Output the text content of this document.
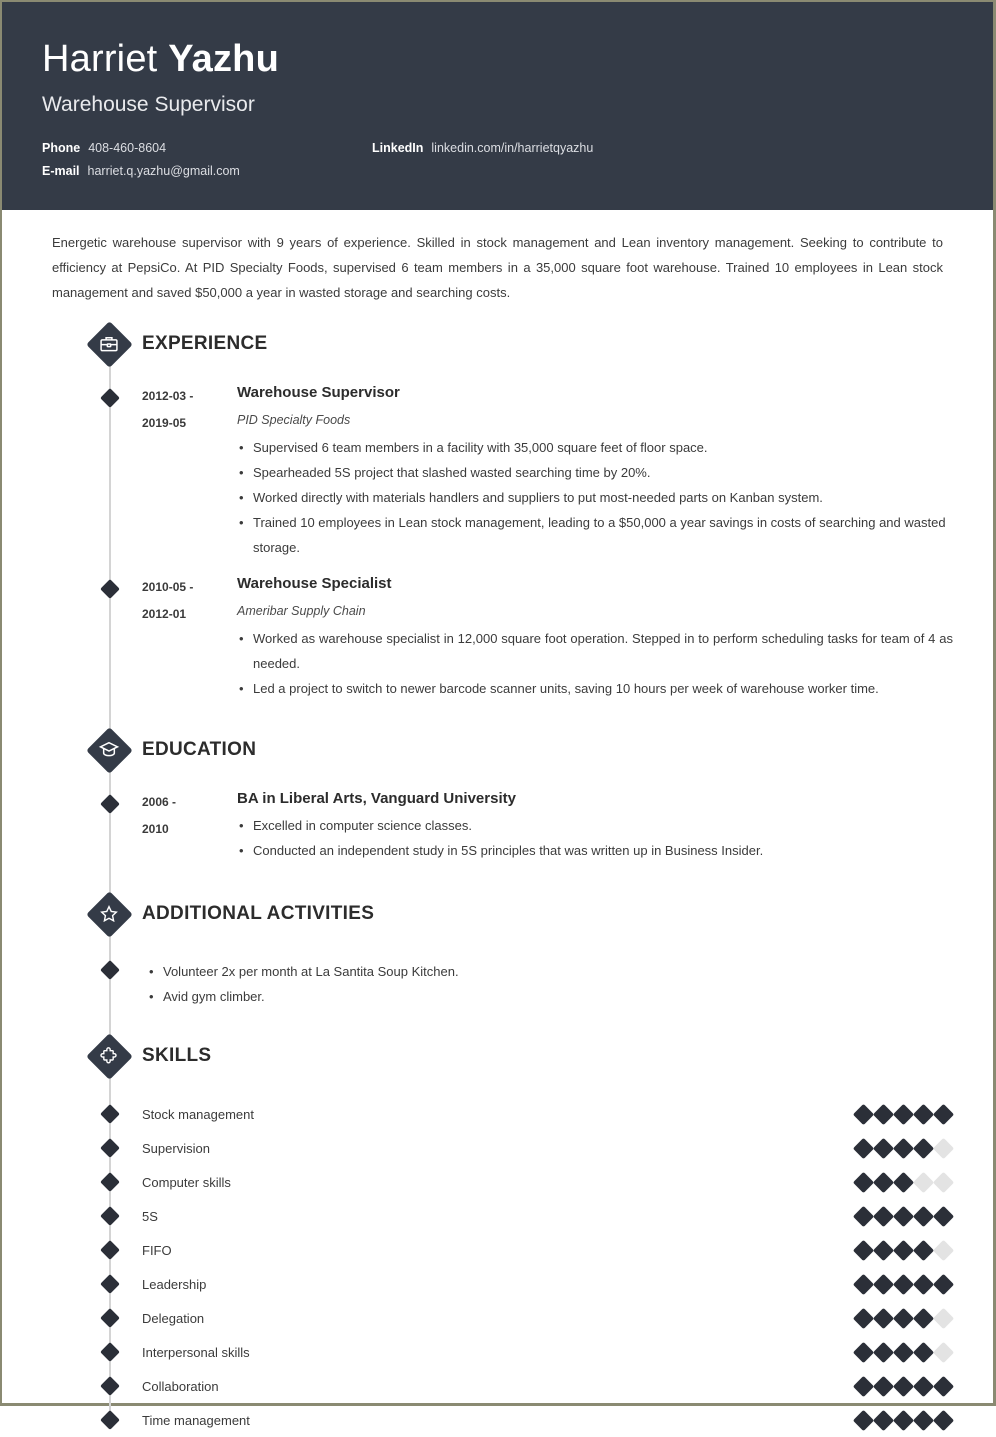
Harriet Yazhu
Warehouse Supervisor
Phone 408-460-8604	LinkedIn linkedin.com/in/harrietqyazhu
E-mail harriet.q.yazhu@gmail.com
Energetic warehouse supervisor with 9 years of experience. Skilled in stock management and Lean inventory management. Seeking to contribute to efficiency at PepsiCo. At PID Specialty Foods, supervised 6 team members in a 35,000 square foot warehouse. Trained 10 employees in Lean stock management and saved $50,000 a year in wasted storage and searching costs.
EXPERIENCE
2012-03 -
2019-05
Warehouse Supervisor
PID Specialty Foods
• Supervised 6 team members in a facility with 35,000 square feet of floor space.
• Spearheaded 5S project that slashed wasted searching time by 20%.
• Worked directly with materials handlers and suppliers to put most-needed parts on Kanban system.
• Trained 10 employees in Lean stock management, leading to a $50,000 a year savings in costs of searching and wasted storage.
2010-05 -
2012-01
Warehouse Specialist
Ameribar Supply Chain
• Worked as warehouse specialist in 12,000 square foot operation. Stepped in to perform scheduling tasks for team of 4 as needed.
• Led a project to switch to newer barcode scanner units, saving 10 hours per week of warehouse worker time.
EDUCATION
2006 -
2010
BA in Liberal Arts, Vanguard University
• Excelled in computer science classes.
• Conducted an independent study in 5S principles that was written up in Business Insider.
ADDITIONAL ACTIVITIES
• Volunteer 2x per month at La Santita Soup Kitchen.
• Avid gym climber.
SKILLS
Stock management
Supervision
Computer skills
5S
FIFO
Leadership
Delegation
Interpersonal skills
Collaboration
Time management
